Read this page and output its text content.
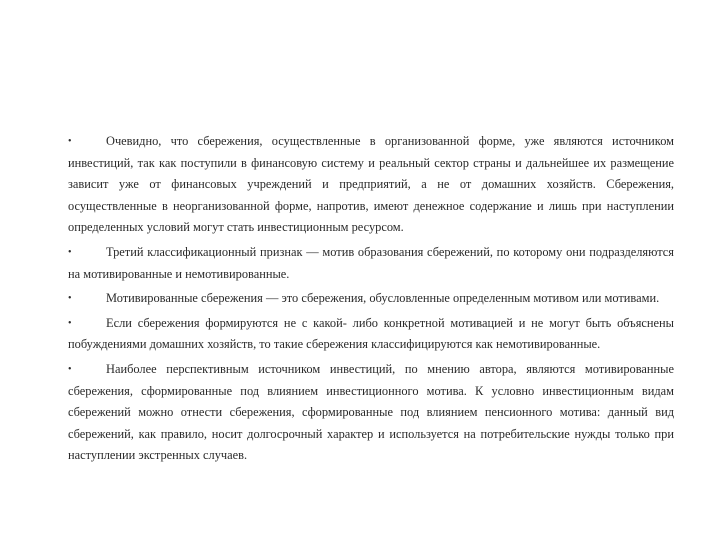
•	Очевидно, что сбережения, осуществленные в организованной форме, уже являются источником инвестиций, так как поступили в финансовую систему и реальный сектор страны и дальнейшее их размещение зависит уже от финансовых учреждений и предприятий, а не от домашних хозяйств. Сбережения, осуществленные в неорганизованной форме, напротив, имеют денежное содержание и лишь при наступлении определенных условий могут стать инвестиционным ресурсом.

•	Третий классификационный признак — мотив образования сбережений, по которому они подразделяются на мотивированные и немотивированные.

•	Мотивированные сбережения — это сбережения, обусловленные определенным мотивом или мотивами.

•	Если сбережения формируются не с какой- либо конкретной мотивацией и не могут быть объяснены побуждениями домашних хозяйств, то такие сбережения классифицируются как немотивированные.

•	Наиболее перспективным источником инвестиций, по мнению автора, являются мотивированные сбережения, сформированные под влиянием инвестиционного мотива. К условно инвестиционным видам сбережений можно отнести сбережения, сформированные под влиянием пенсионного мотива: данный вид сбережений, как правило, носит долгосрочный характер и используется на потребительские нужды только при наступлении экстренных случаев.
